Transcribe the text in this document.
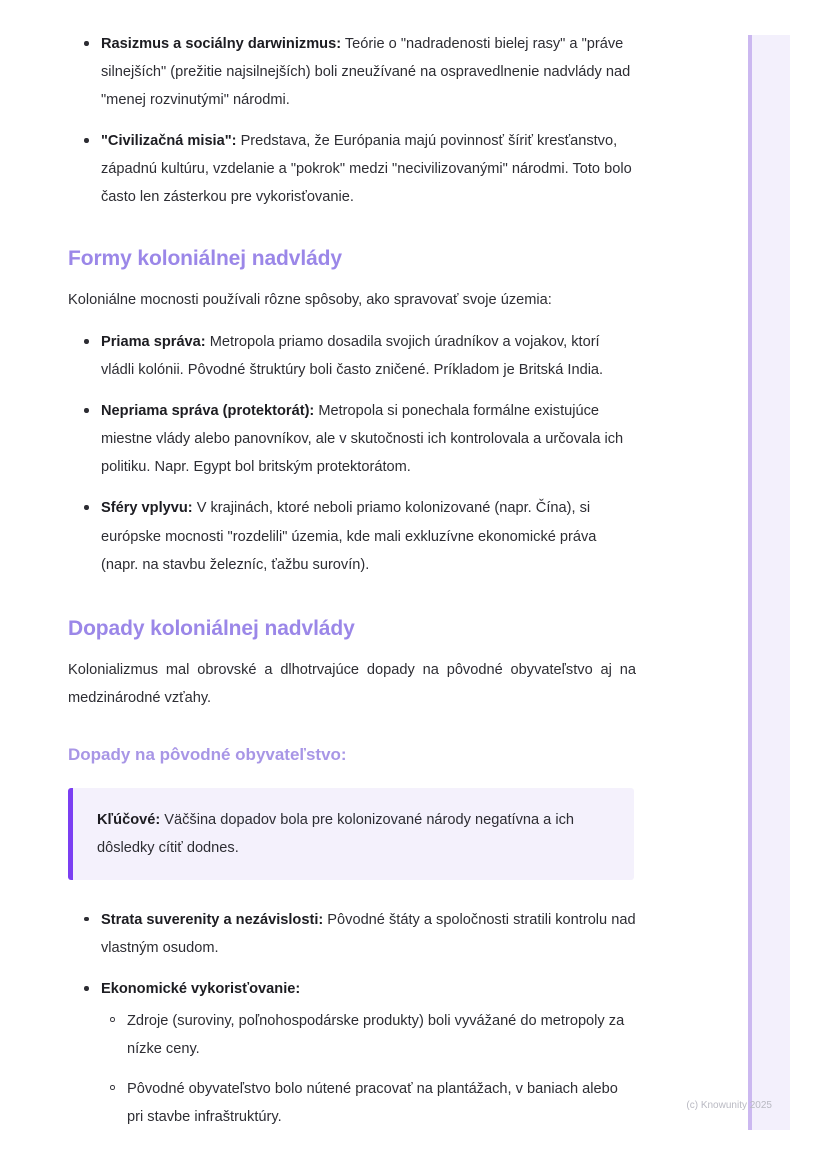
Rasizmus a sociálny darwinizmus: Teórie o "nadradenosti bielej rasy" a "práve silnejších" (prežitie najsilnejších) boli zneužívané na ospravedlnenie nadvlády nad "menej rozvinutými" národmi.
"Civilizačná misia": Predstava, že Európania majú povinnosť šíriť kresťanstvo, západnú kultúru, vzdelanie a "pokrok" medzi "necivilizovanými" národmi. Toto bolo často len zásterkou pre vykorisťovanie.
Formy koloniálnej nadvlády

Koloniálne mocnosti používali rôzne spôsoby, ako spravovať svoje územia:

Priama správa: Metropola priamo dosadila svojich úradníkov a vojakov, ktorí vládli kolónii. Pôvodné štruktúry boli často zničené. Príkladom je Britská India.
Nepriama správa (protektorát): Metropola si ponechala formálne existujúce miestne vlády alebo panovníkov, ale v skutočnosti ich kontrolovala a určovala ich politiku. Napr. Egypt bol britským protektorátom.
Sféry vplyvu: V krajinách, ktoré neboli priamo kolonizované (napr. Čína), si európske mocnosti "rozdelili" územia, kde mali exkluzívne ekonomické práva (napr. na stavbu železníc, ťažbu surovín).
Dopady koloniálnej nadvlády

Kolonializmus mal obrovské a dlhotrvajúce dopady na pôvodné obyvateľstvo aj na medzinárodné vzťahy.

Dopady na pôvodné obyvateľstvo:

Kľúčové: Väčšina dopadov bola pre kolonizované národy negatívna a ich dôsledky cítiť dodnes.

Strata suverenity a nezávislosti: Pôvodné štáty a spoločnosti stratili kontrolu nad vlastným osudom.
Ekonomické vykorisťovanie:
Zdroje (suroviny, poľnohospodárske produkty) boli vyvážané do metropoly za nízke ceny.
Pôvodné obyvateľstvo bolo nútené pracovať na plantážach, v baniach alebo pri stavbe infraštruktúry.
(c) Knowunity 2025
